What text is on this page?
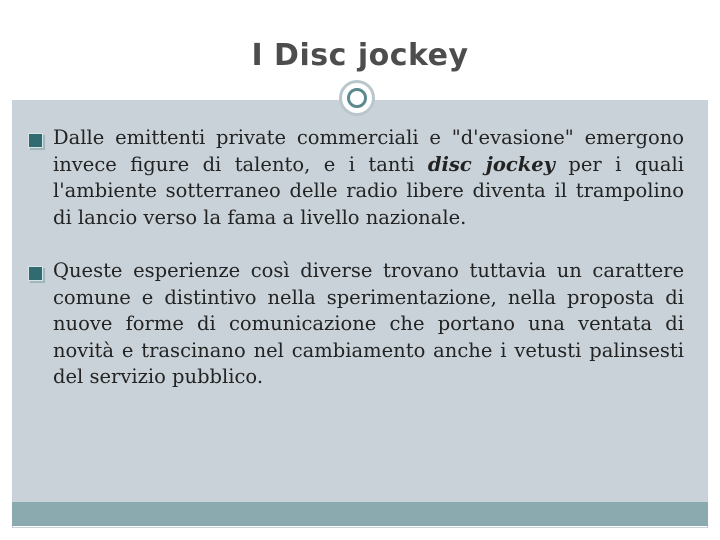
I Disc jockey
Dalle emittenti private commerciali e "d'evasione" emergono invece figure di talento, e i tanti disc jockey per i quali l'ambiente sotterraneo delle radio libere diventa il trampolino di lancio verso la fama a livello nazionale.
Queste esperienze così diverse trovano tuttavia un carattere comune e distintivo nella sperimentazione, nella proposta di nuove forme di comunicazione che portano una ventata di novità e trascinano nel cambiamento anche i vetusti palinsesti del servizio pubblico.
